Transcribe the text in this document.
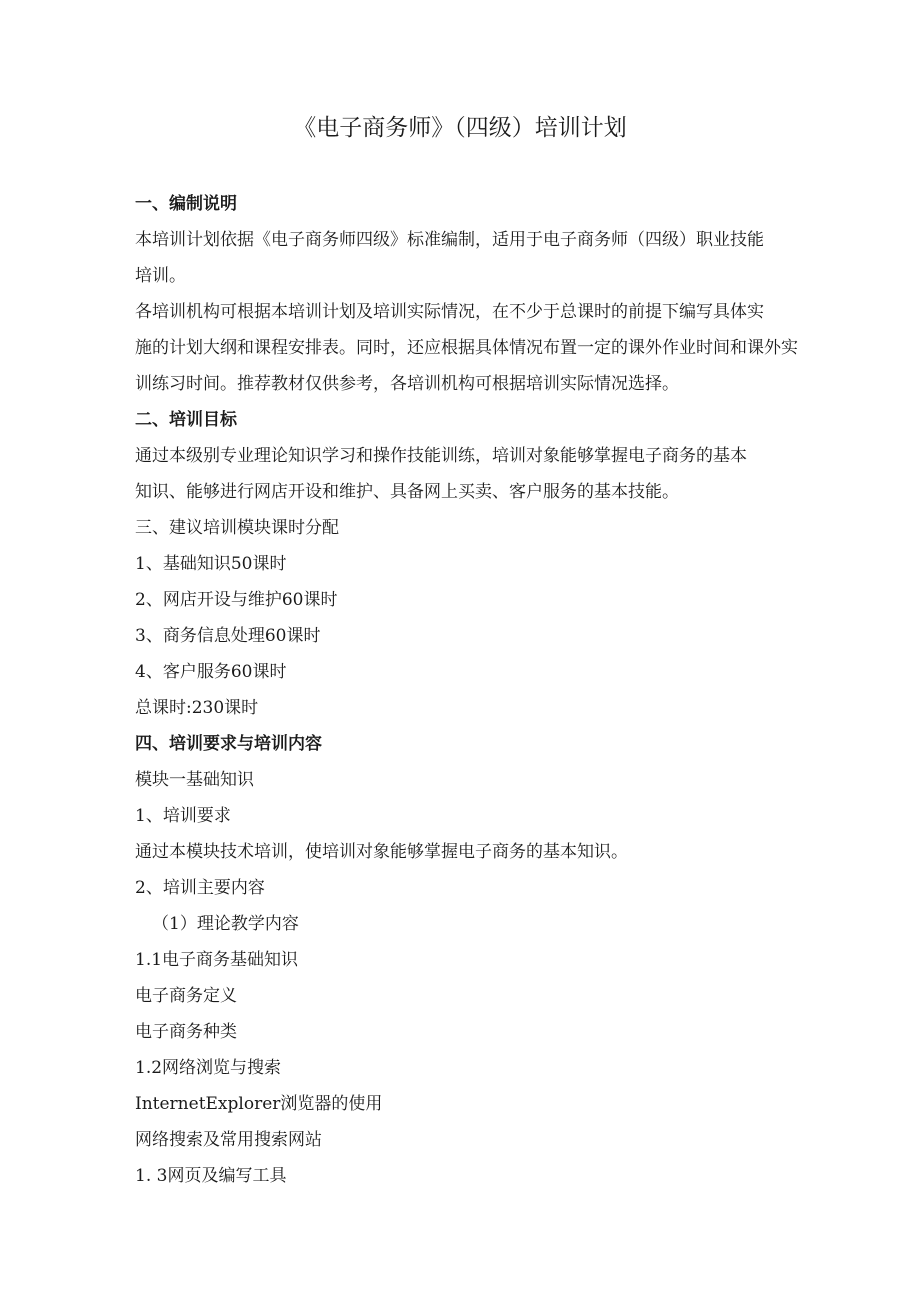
《电子商务师》（四级）培训计划
一、编制说明

本培训计划依据《电子商务师四级》标准编制，适用于电子商务师（四级）职业技能

培训。

各培训机构可根据本培训计划及培训实际情况，在不少于总课时的前提下编写具体实

施的计划大纲和课程安排表。同时，还应根据具体情况布置一定的课外作业时间和课外实

训练习时间。推荐教材仅供参考，各培训机构可根据培训实际情况选择。

二、培训目标

通过本级别专业理论知识学习和操作技能训练，培训对象能够掌握电子商务的基本

知识、能够进行网店开设和维护、具备网上买卖、客户服务的基本技能。

三、建议培训模块课时分配
1、基础知识50课时
2、网店开设与维护60课时
3、商务信息处理60课时
4、客户服务60课时
总课时:230课时
四、培训要求与培训内容
模块一基础知识
1、培训要求
通过本模块技术培训，使培训对象能够掌握电子商务的基本知识。
2、培训主要内容
（1）理论教学内容
1.1电子商务基础知识
电子商务定义
电子商务种类
1.2网络浏览与搜索
InternetExplorer浏览器的使用
网络搜索及常用搜索网站
1. 3网页及编写工具
